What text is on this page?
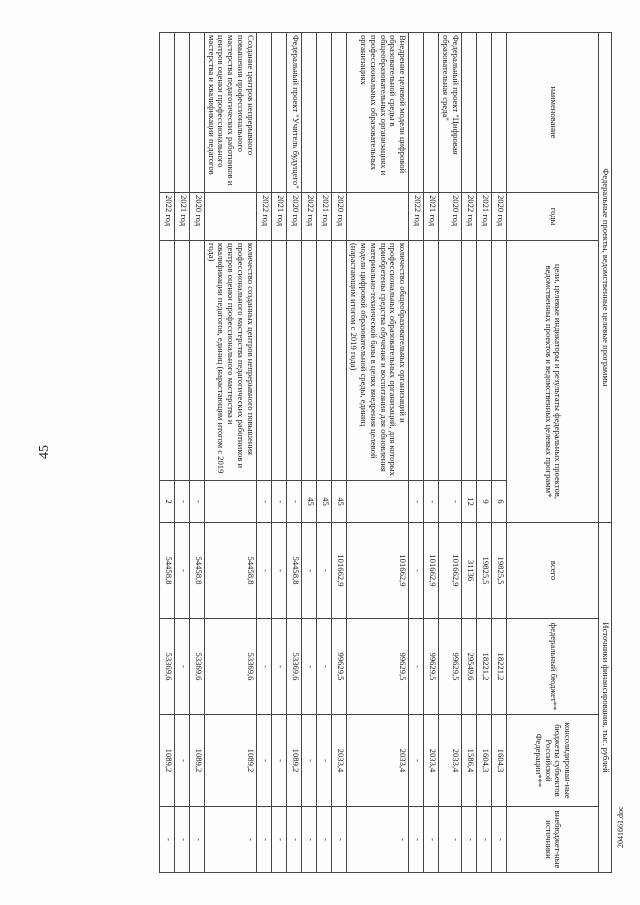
45
2041661.doc
Федеральные проекты, ведомственные целевые программы				Источники финансирования, тыс. рублей			
наименование	годы	цели, целевые индикаторы и результаты федеральных проектов, ведомственных проектов и ведомственных целевых программ*		всего	федеральный бюджет**	консолидирован-ные бюджеты субъектов Российской Федерации***	внебюджет-ные источники
	2020 год		6	19825,5	18221,2	1604,3	-
	2021 год		9	19825,5	18221,2	1604,3	-
	2022 год		12	31136	29549,6	1586,4	-
Федеральный проект "Цифровая образовательная среда"	2020 год		-	101662,9	99629,5	2033,4	-
	2021 год		-	101662,9	99629,5	2033,4	-
	2022 год		-	-	-	-	-
Внедрение целевой модели цифровой образовательной среды в общеобразовательных организациях и профессиональных образовательных организациях		количество общеобразовательных организаций и профессиональных образовательных организаций, для которых приобретены средства обучения и воспитания для обновления материально-технической базы в целях внедрения целевой модели цифровой образовательной среды, единиц (нарастающим итогом с 2019 года)		101662,9	99629,5	2033,4	-
	2020 год		45	101662,9	99629,5	2033,4	-
	2021 год		45	-	-	-	-
	2022 год		45	-	-	-	-
Федеральный проект "Учитель будущего"	2020 год		-	54458,8	53369,6	1089,2	-
	2021 год		-	-	-	-	-
	2022 год		-	-	-	-	-
Создание центров непрерывного повышения профессионального мастерства педагогических работников и центров оценки профессионального мастерства и квалификации педагогов		количество созданных центров непрерывного повышения профессионального мастерства педагогических работников и центров оценки профессионального мастерства и квалификации педагогов, единиц (нарастающим итогом с 2019 года)		54458,8	53369,6	1089,2	-
	2020 год		-	54458,8	53369,6	1089,2	-
	2021 год		-	-	-	-	-
	2022 год		2	54458,8	53369,6	1089,2	-
